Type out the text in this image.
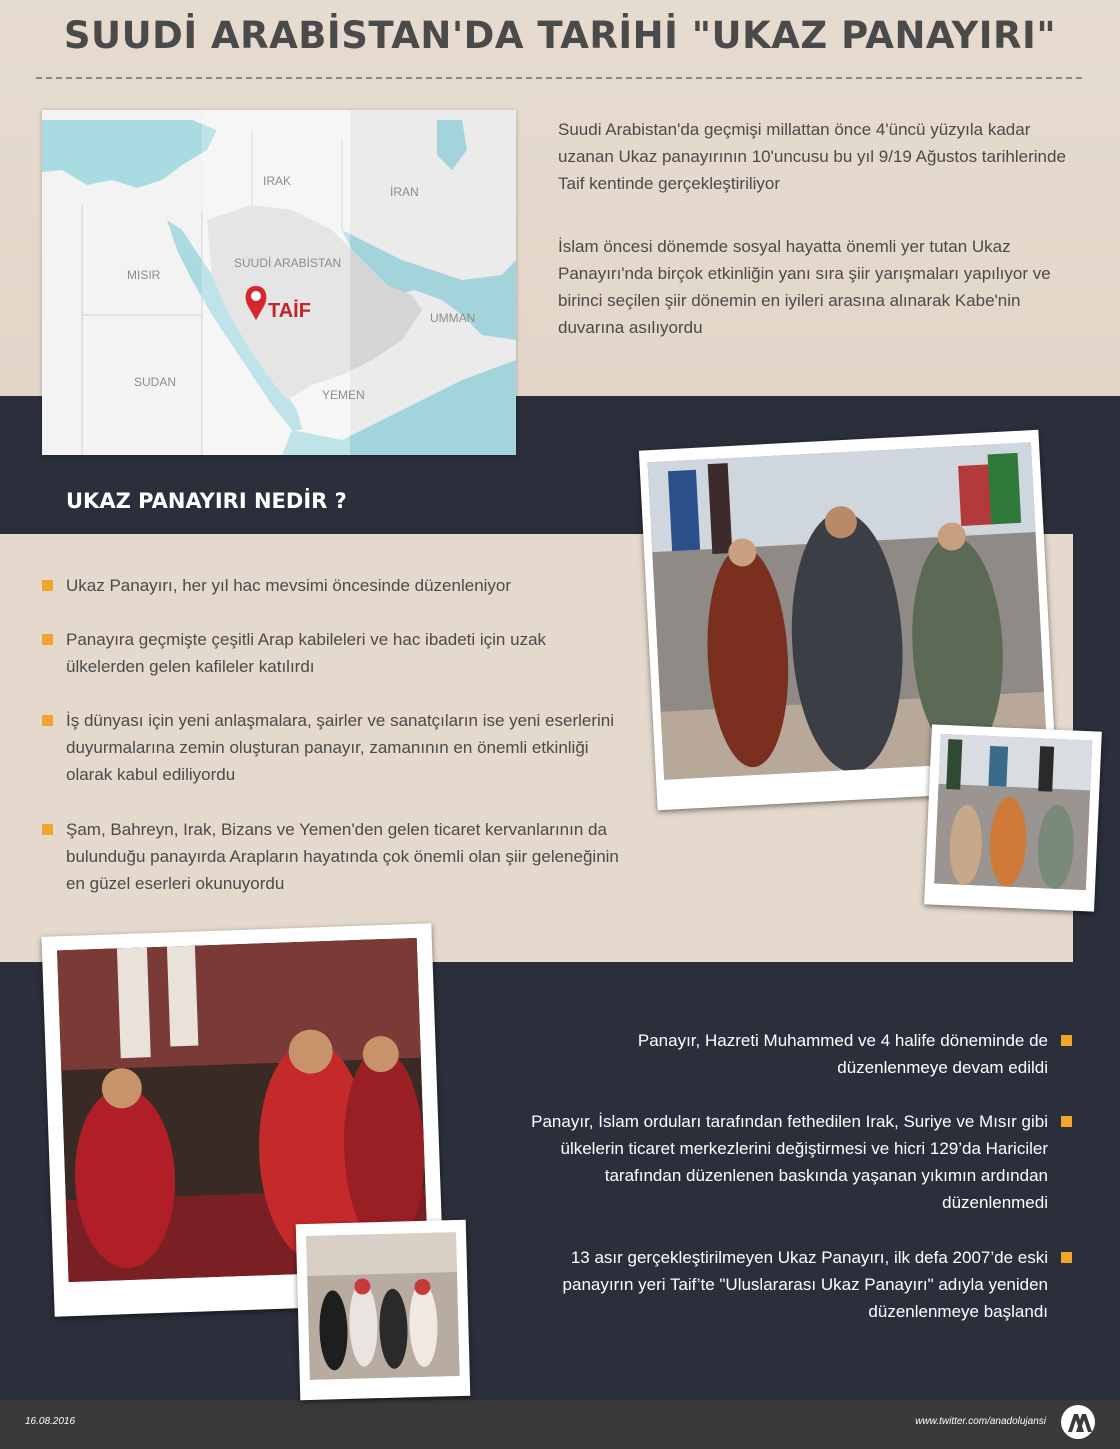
SUUDİ ARABİSTAN'DA TARİHİ "UKAZ PANAYIRI"
IRAK
İRAN
MISIR
SUUDİ ARABİSTAN
UMMAN
SUDAN
YEMEN
TAİF

Suudi Arabistan'da geçmişi millattan önce 4'üncü yüzyıla kadar uzanan Ukaz panayırının 10'uncusu bu yıl 9/19 Ağustos tarihlerinde Taif kentinde gerçekleştiriliyor

İslam öncesi dönemde sosyal hayatta önemli yer tutan Ukaz Panayırı'nda birçok etkinliğin yanı sıra şiir yarışmaları yapılıyor ve birinci seçilen şiir dönemin en iyileri arasına alınarak Kabe'nin duvarına asılıyordu

UKAZ PANAYIRI NEDİR ?
Ukaz Panayırı, her yıl hac mevsimi öncesinde düzenleniyor
Panayıra geçmişte çeşitli Arap kabileleri ve hac ibadeti için uzak ülkelerden gelen kafileler katılırdı
İş dünyası için yeni anlaşmalara, şairler ve sanatçıların ise yeni eserlerini duyurmalarına zemin oluşturan panayır, zamanının en önemli etkinliği olarak kabul ediliyordu
Şam, Bahreyn, Irak, Bizans ve Yemen'den gelen ticaret kervanlarının da bulunduğu panayırda Arapların hayatında çok önemli olan şiir geleneğinin en güzel eserleri okunuyordu
Panayır, Hazreti Muhammed ve 4 halife döneminde de düzenlenmeye devam edildi
Panayır, İslam orduları tarafından fethedilen Irak, Suriye ve Mısır gibi ülkelerin ticaret merkezlerini değiştirmesi ve hicri 129’da Hariciler tarafından düzenlenen baskında yaşanan yıkımın ardından düzenlenmedi
13 asır gerçekleştirilmeyen Ukaz Panayırı, ilk defa 2007’de eski panayırın yeri Taif’te "Uluslararası Ukaz Panayırı" adıyla yeniden düzenlenmeye başlandı
16.08.2016	www.twitter.com/anadolujansi
